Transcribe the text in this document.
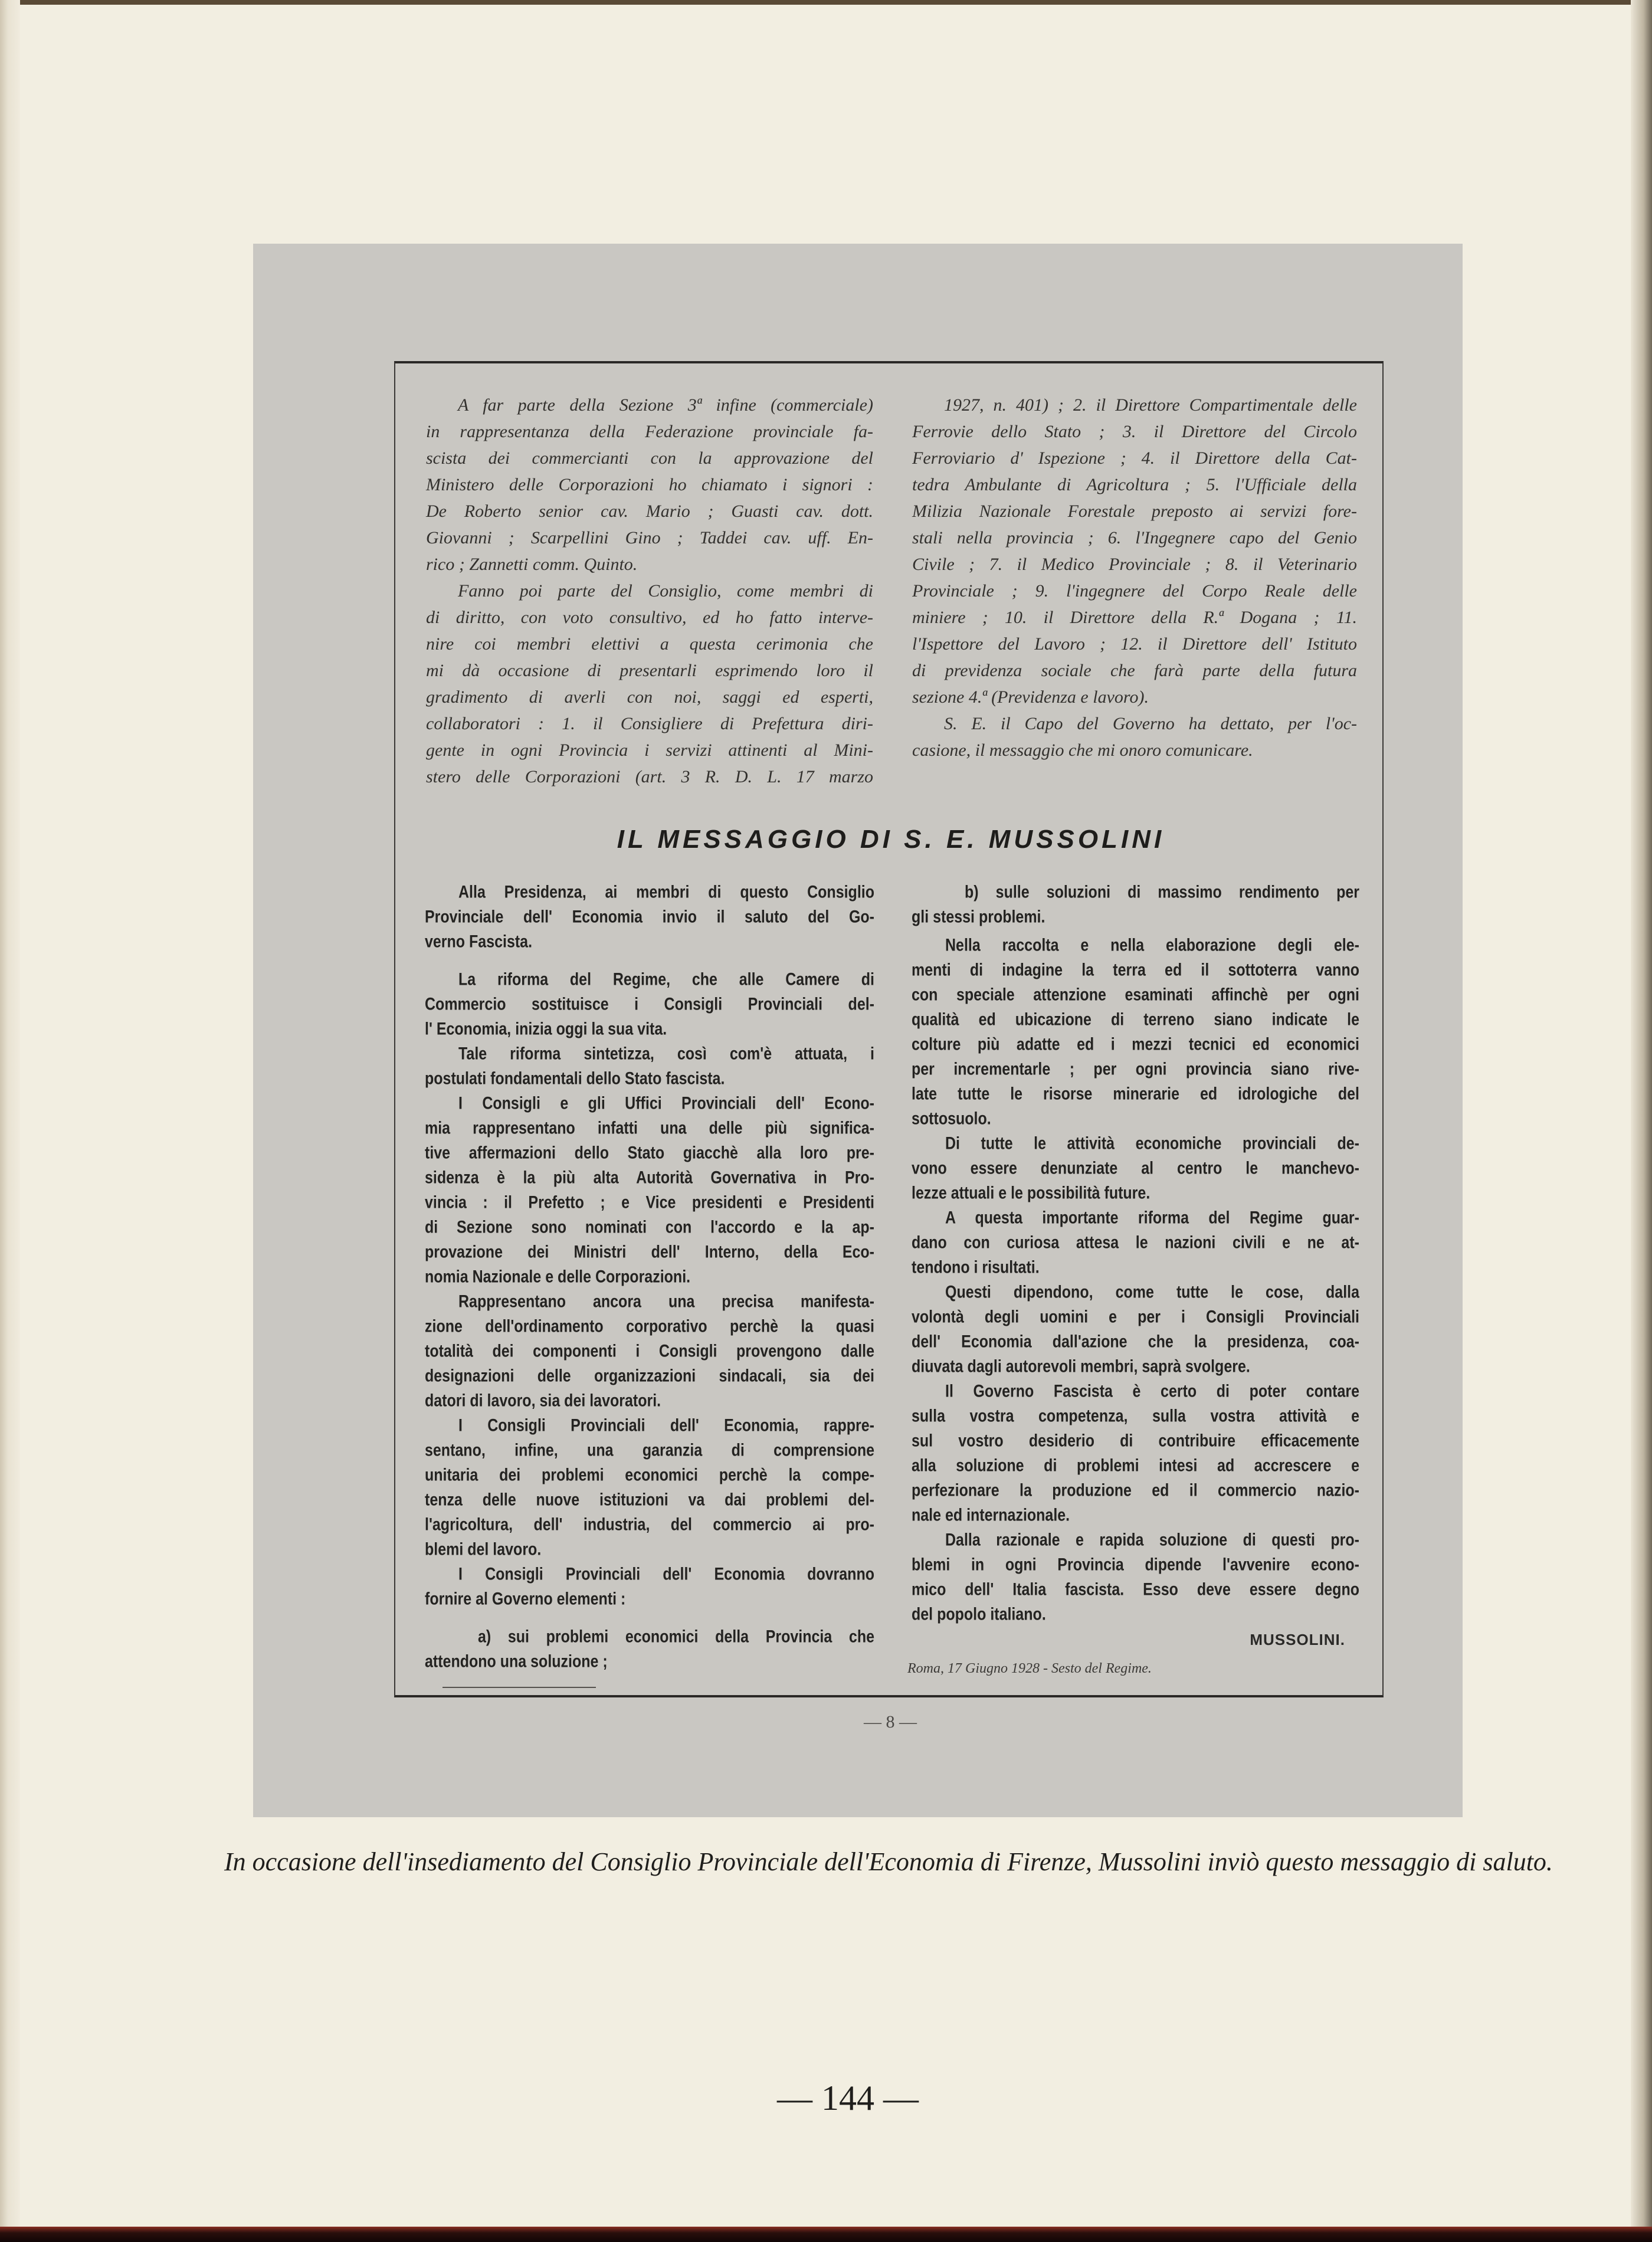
A far parte della Sezione 3ª infine (commerciale)
in rappresentanza della Federazione provinciale fa-
scista dei commercianti con la approvazione del
Ministero delle Corporazioni ho chiamato i signori :
De Roberto senior cav. Mario ; Guasti cav. dott.
Giovanni ; Scarpellini Gino ; Taddei cav. uff. En-
rico ; Zannetti comm. Quinto.
Fanno poi parte del Consiglio, come membri di
di diritto, con voto consultivo, ed ho fatto interve-
nire coi membri elettivi a questa cerimonia che
mi dà occasione di presentarli esprimendo loro il
gradimento di averli con noi, saggi ed esperti,
collaboratori : 1. il Consigliere di Prefettura diri-
gente in ogni Provincia i servizi attinenti al Mini-
stero delle Corporazioni (art. 3 R. D. L. 17 marzo
1927, n. 401) ; 2. il Direttore Compartimentale delle
Ferrovie dello Stato ; 3. il Direttore del Circolo
Ferroviario d' Ispezione ; 4. il Direttore della Cat-
tedra Ambulante di Agricoltura ; 5. l'Ufficiale della
Milizia Nazionale Forestale preposto ai servizi fore-
stali nella provincia ; 6. l'Ingegnere capo del Genio
Civile ; 7. il Medico Provinciale ; 8. il Veterinario
Provinciale ; 9. l'ingegnere del Corpo Reale delle
miniere ; 10. il Direttore della R.ª Dogana ; 11.
l'Ispettore del Lavoro ; 12. il Direttore dell' Istituto
di previdenza sociale che farà parte della futura
sezione 4.ª (Previdenza e lavoro).
S. E. il Capo del Governo ha dettato, per l'oc-
casione, il messaggio che mi onoro comunicare.
IL MESSAGGIO DI S. E. MUSSOLINI
Alla Presidenza, ai membri di questo Consiglio
Provinciale dell' Economia invio il saluto del Go-
verno Fascista.
La riforma del Regime, che alle Camere di
Commercio sostituisce i Consigli Provinciali del-
l' Economia, inizia oggi la sua vita.
Tale riforma sintetizza, così com'è attuata, i
postulati fondamentali dello Stato fascista.
I Consigli e gli Uffici Provinciali dell' Econo-
mia rappresentano infatti una delle più significa-
tive affermazioni dello Stato giacchè alla loro pre-
sidenza è la più alta Autorità Governativa in Pro-
vincia : il Prefetto ; e Vice presidenti e Presidenti
di Sezione sono nominati con l'accordo e la ap-
provazione dei Ministri dell' Interno, della Eco-
nomia Nazionale e delle Corporazioni.
Rappresentano ancora una precisa manifesta-
zione dell'ordinamento corporativo perchè la quasi
totalità dei componenti i Consigli provengono dalle
designazioni delle organizzazioni sindacali, sia dei
datori di lavoro, sia dei lavoratori.
I Consigli Provinciali dell' Economia, rappre-
sentano, infine, una garanzia di comprensione
unitaria dei problemi economici perchè la compe-
tenza delle nuove istituzioni va dai problemi del-
l'agricoltura, dell' industria, del commercio ai pro-
blemi del lavoro.
I Consigli Provinciali dell' Economia dovranno
fornire al Governo elementi :
a) sui problemi economici della Provincia che
attendono una soluzione ;
b) sulle soluzioni di massimo rendimento per
gli stessi problemi.
Nella raccolta e nella elaborazione degli ele-
menti di indagine la terra ed il sottoterra vanno
con speciale attenzione esaminati affinchè per ogni
qualità ed ubicazione di terreno siano indicate le
colture più adatte ed i mezzi tecnici ed economici
per incrementarle ; per ogni provincia siano rive-
late tutte le risorse minerarie ed idrologiche del
sottosuolo.
Di tutte le attività economiche provinciali de-
vono essere denunziate al centro le manchevo-
lezze attuali e le possibilità future.
A questa importante riforma del Regime guar-
dano con curiosa attesa le nazioni civili e ne at-
tendono i risultati.
Questi dipendono, come tutte le cose, dalla
volontà degli uomini e per i Consigli Provinciali
dell' Economia dall'azione che la presidenza, coa-
diuvata dagli autorevoli membri, saprà svolgere.
Il Governo Fascista è certo di poter contare
sulla vostra competenza, sulla vostra attività e
sul vostro desiderio di contribuire efficacemente
alla soluzione di problemi intesi ad accrescere e
perfezionare la produzione ed il commercio nazio-
nale ed internazionale.
Dalla razionale e rapida soluzione di questi pro-
blemi in ogni Provincia dipende l'avvenire econo-
mico dell' Italia fascista. Esso deve essere degno
del popolo italiano.
MUSSOLINI.
Roma, 17 Giugno 1928 - Sesto del Regime.
— 8 —
In occasione dell'insediamento del Consiglio Provinciale dell'Economia di Firenze, Mussolini inviò questo messaggio di saluto.
— 144 —
